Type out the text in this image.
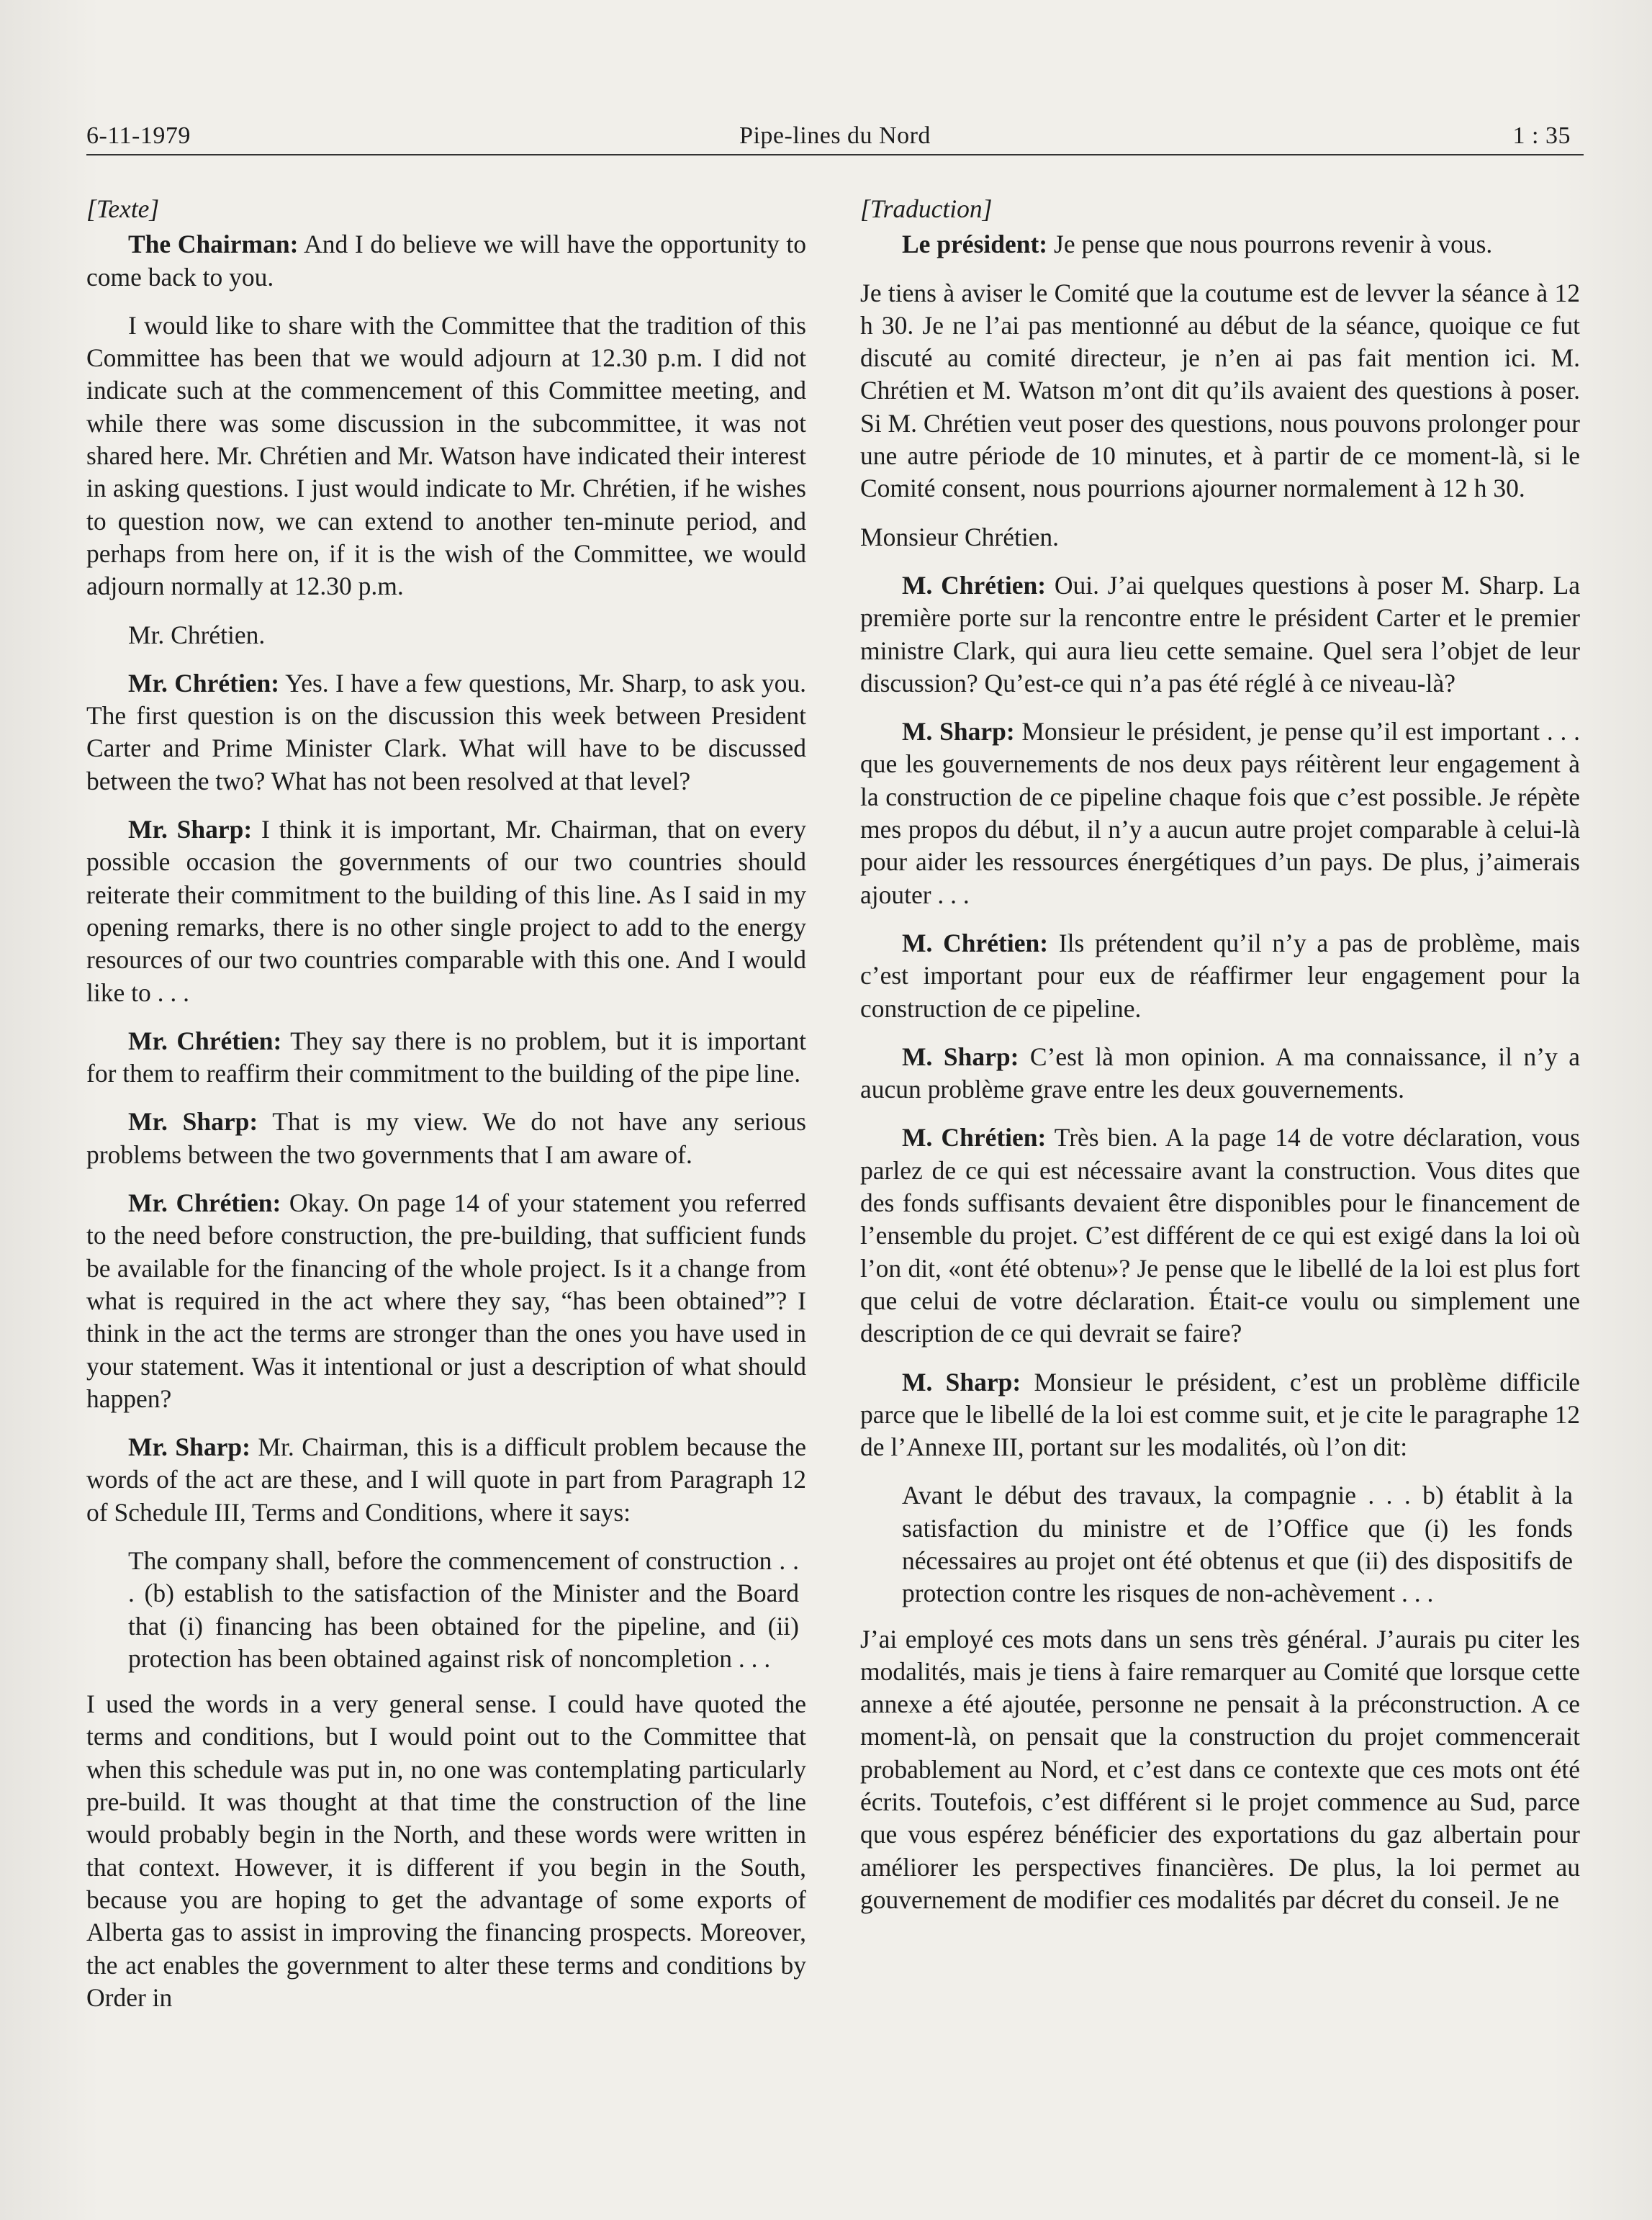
6-11-1979	Pipe-lines du Nord	1 : 35

[Texte]

The Chairman: And I do believe we will have the opportunity to come back to you.

I would like to share with the Committee that the tradition of this Committee has been that we would adjourn at 12.30 p.m. I did not indicate such at the commencement of this Committee meeting, and while there was some discussion in the subcommittee, it was not shared here. Mr. Chrétien and Mr. Watson have indicated their interest in asking questions. I just would indicate to Mr. Chrétien, if he wishes to question now, we can extend to another ten-minute period, and perhaps from here on, if it is the wish of the Committee, we would adjourn normally at 12.30 p.m.

Mr. Chrétien.

Mr. Chrétien: Yes. I have a few questions, Mr. Sharp, to ask you. The first question is on the discussion this week between President Carter and Prime Minister Clark. What will have to be discussed between the two? What has not been resolved at that level?

Mr. Sharp: I think it is important, Mr. Chairman, that on every possible occasion the governments of our two countries should reiterate their commitment to the building of this line. As I said in my opening remarks, there is no other single project to add to the energy resources of our two countries comparable with this one. And I would like to . . .

Mr. Chrétien: They say there is no problem, but it is important for them to reaffirm their commitment to the building of the pipe line.

Mr. Sharp: That is my view. We do not have any serious problems between the two governments that I am aware of.

Mr. Chrétien: Okay. On page 14 of your statement you referred to the need before construction, the pre-building, that sufficient funds be available for the financing of the whole project. Is it a change from what is required in the act where they say, “has been obtained”? I think in the act the terms are stronger than the ones you have used in your statement. Was it intentional or just a description of what should happen?

Mr. Sharp: Mr. Chairman, this is a difficult problem because the words of the act are these, and I will quote in part from Paragraph 12 of Schedule III, Terms and Conditions, where it says:

The company shall, before the commencement of construction . . . (b) establish to the satisfaction of the Minister and the Board that (i) financing has been obtained for the pipeline, and (ii) protection has been obtained against risk of noncompletion . . .

I used the words in a very general sense. I could have quoted the terms and conditions, but I would point out to the Committee that when this schedule was put in, no one was contemplating particularly pre-build. It was thought at that time the construction of the line would probably begin in the North, and these words were written in that context. However, it is different if you begin in the South, because you are hoping to get the advantage of some exports of Alberta gas to assist in improving the financing prospects. Moreover, the act enables the government to alter these terms and conditions by Order in

[Traduction]

Le président: Je pense que nous pourrons revenir à vous.

Je tiens à aviser le Comité que la coutume est de levver la séance à 12 h 30. Je ne l’ai pas mentionné au début de la séance, quoique ce fut discuté au comité directeur, je n’en ai pas fait mention ici. M. Chrétien et M. Watson m’ont dit qu’ils avaient des questions à poser. Si M. Chrétien veut poser des questions, nous pouvons prolonger pour une autre période de 10 minutes, et à partir de ce moment-là, si le Comité consent, nous pourrions ajourner normalement à 12 h 30.

Monsieur Chrétien.

M. Chrétien: Oui. J’ai quelques questions à poser M. Sharp. La première porte sur la rencontre entre le président Carter et le premier ministre Clark, qui aura lieu cette semaine. Quel sera l’objet de leur discussion? Qu’est-ce qui n’a pas été réglé à ce niveau-là?

M. Sharp: Monsieur le président, je pense qu’il est important . . . que les gouvernements de nos deux pays réitèrent leur engagement à la construction de ce pipeline chaque fois que c’est possible. Je répète mes propos du début, il n’y a aucun autre projet comparable à celui-là pour aider les ressources énergétiques d’un pays. De plus, j’aimerais ajouter . . .

M. Chrétien: Ils prétendent qu’il n’y a pas de problème, mais c’est important pour eux de réaffirmer leur engagement pour la construction de ce pipeline.

M. Sharp: C’est là mon opinion. A ma connaissance, il n’y a aucun problème grave entre les deux gouvernements.

M. Chrétien: Très bien. A la page 14 de votre déclaration, vous parlez de ce qui est nécessaire avant la construction. Vous dites que des fonds suffisants devaient être disponibles pour le financement de l’ensemble du projet. C’est différent de ce qui est exigé dans la loi où l’on dit, «ont été obtenu»? Je pense que le libellé de la loi est plus fort que celui de votre déclaration. Était-ce voulu ou simplement une description de ce qui devrait se faire?

M. Sharp: Monsieur le président, c’est un problème difficile parce que le libellé de la loi est comme suit, et je cite le paragraphe 12 de l’Annexe III, portant sur les modalités, où l’on dit:

Avant le début des travaux, la compagnie . . . b) établit à la satisfaction du ministre et de l’Office que (i) les fonds nécessaires au projet ont été obtenus et que (ii) des dispositifs de protection contre les risques de non-achèvement . . .

J’ai employé ces mots dans un sens très général. J’aurais pu citer les modalités, mais je tiens à faire remarquer au Comité que lorsque cette annexe a été ajoutée, personne ne pensait à la préconstruction. A ce moment-là, on pensait que la construction du projet commencerait probablement au Nord, et c’est dans ce contexte que ces mots ont été écrits. Toutefois, c’est différent si le projet commence au Sud, parce que vous espérez bénéficier des exportations du gaz albertain pour améliorer les perspectives financières. De plus, la loi permet au gouvernement de modifier ces modalités par décret du conseil. Je ne
